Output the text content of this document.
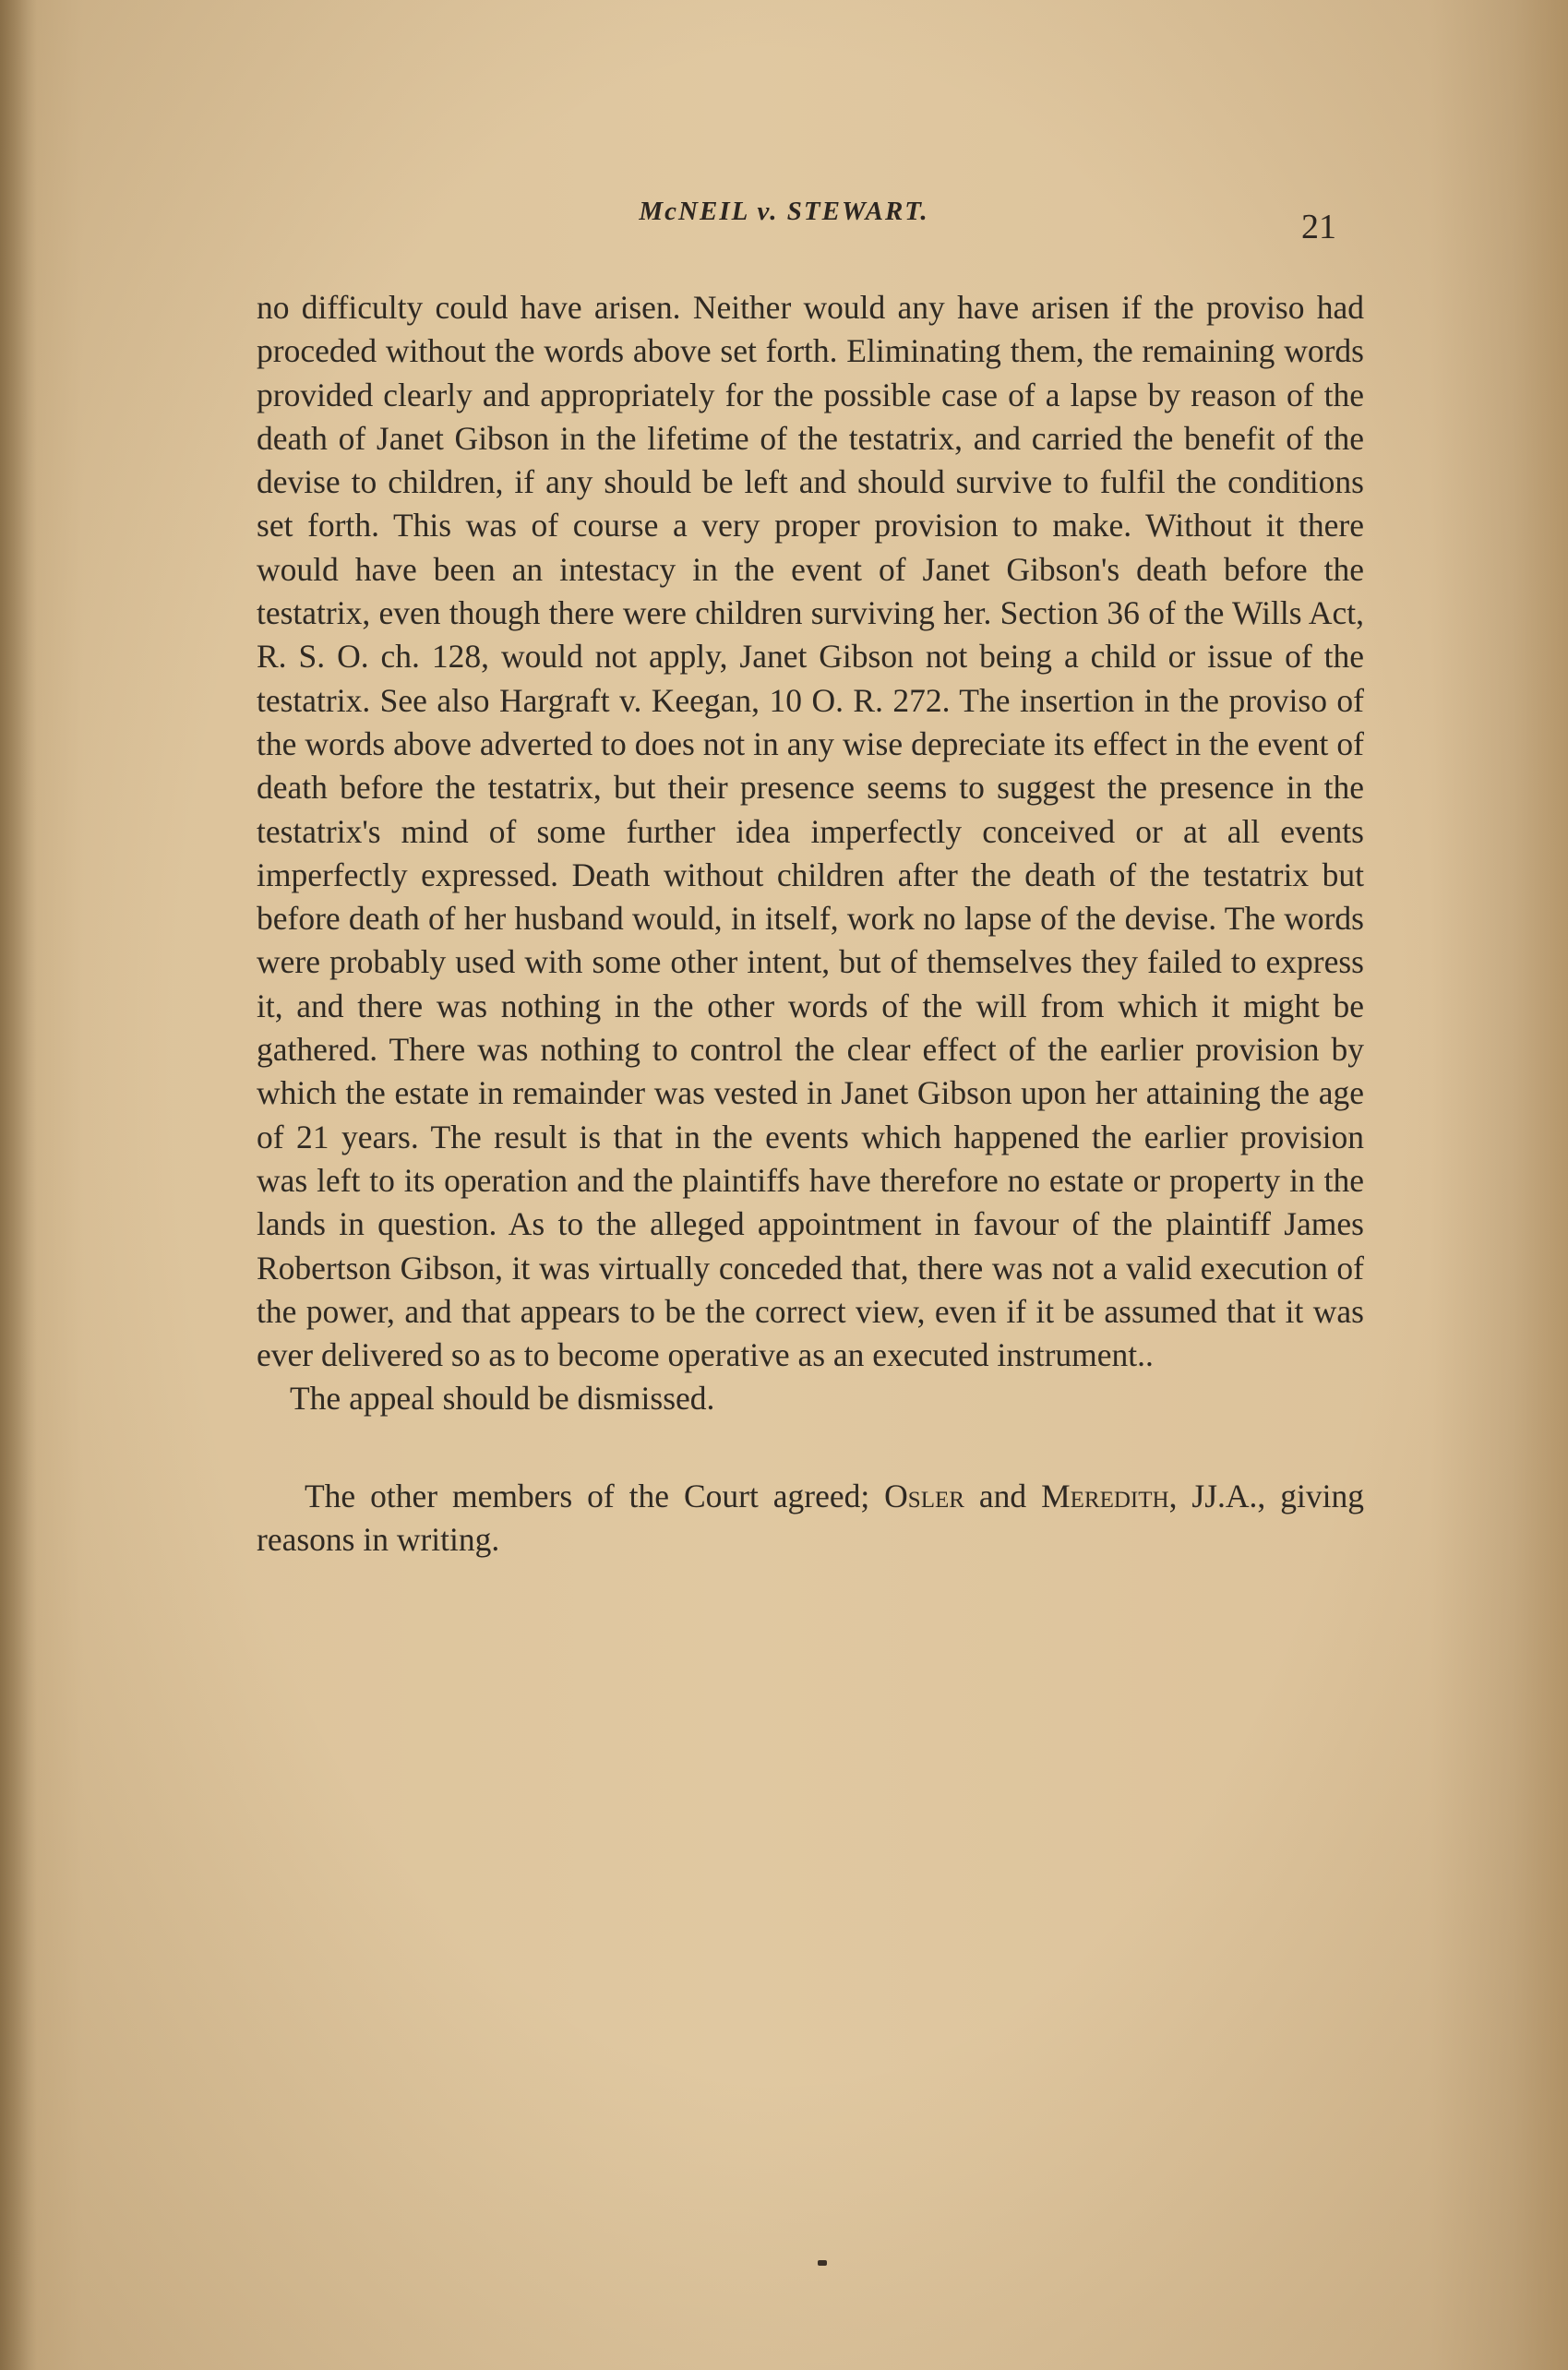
McNEIL v. STEWART.	21

no difficulty could have arisen. Neither would any have arisen if the proviso had proceded without the words above set forth. Eliminating them, the remaining words provided clearly and appropriately for the possible case of a lapse by reason of the death of Janet Gibson in the lifetime of the testatrix, and carried the benefit of the devise to children, if any should be left and should survive to fulfil the conditions set forth. This was of course a very proper provision to make. Without it there would have been an intestacy in the event of Janet Gibson's death before the testatrix, even though there were children surviving her. Section 36 of the Wills Act, R. S. O. ch. 128, would not apply, Janet Gibson not being a child or issue of the testatrix. See also Hargraft v. Keegan, 10 O. R. 272. The insertion in the proviso of the words above adverted to does not in any wise depreciate its effect in the event of death before the testatrix, but their presence seems to suggest the presence in the testatrix's mind of some further idea imperfectly conceived or at all events imperfectly expressed. Death without children after the death of the testatrix but before death of her husband would, in itself, work no lapse of the devise. The words were probably used with some other intent, but of themselves they failed to express it, and there was nothing in the other words of the will from which it might be gathered. There was nothing to control the clear effect of the earlier provision by which the estate in remainder was vested in Janet Gibson upon her attaining the age of 21 years. The result is that in the events which happened the earlier provision was left to its operation and the plaintiffs have therefore no estate or property in the lands in question. As to the alleged appointment in favour of the plaintiff James Robertson Gibson, it was virtually conceded that, there was not a valid execution of the power, and that appears to be the correct view, even if it be assumed that it was ever delivered so as to become operative as an executed instrument..

The appeal should be dismissed.

The other members of the Court agreed; Osler and Meredith, JJ.A., giving reasons in writing.
